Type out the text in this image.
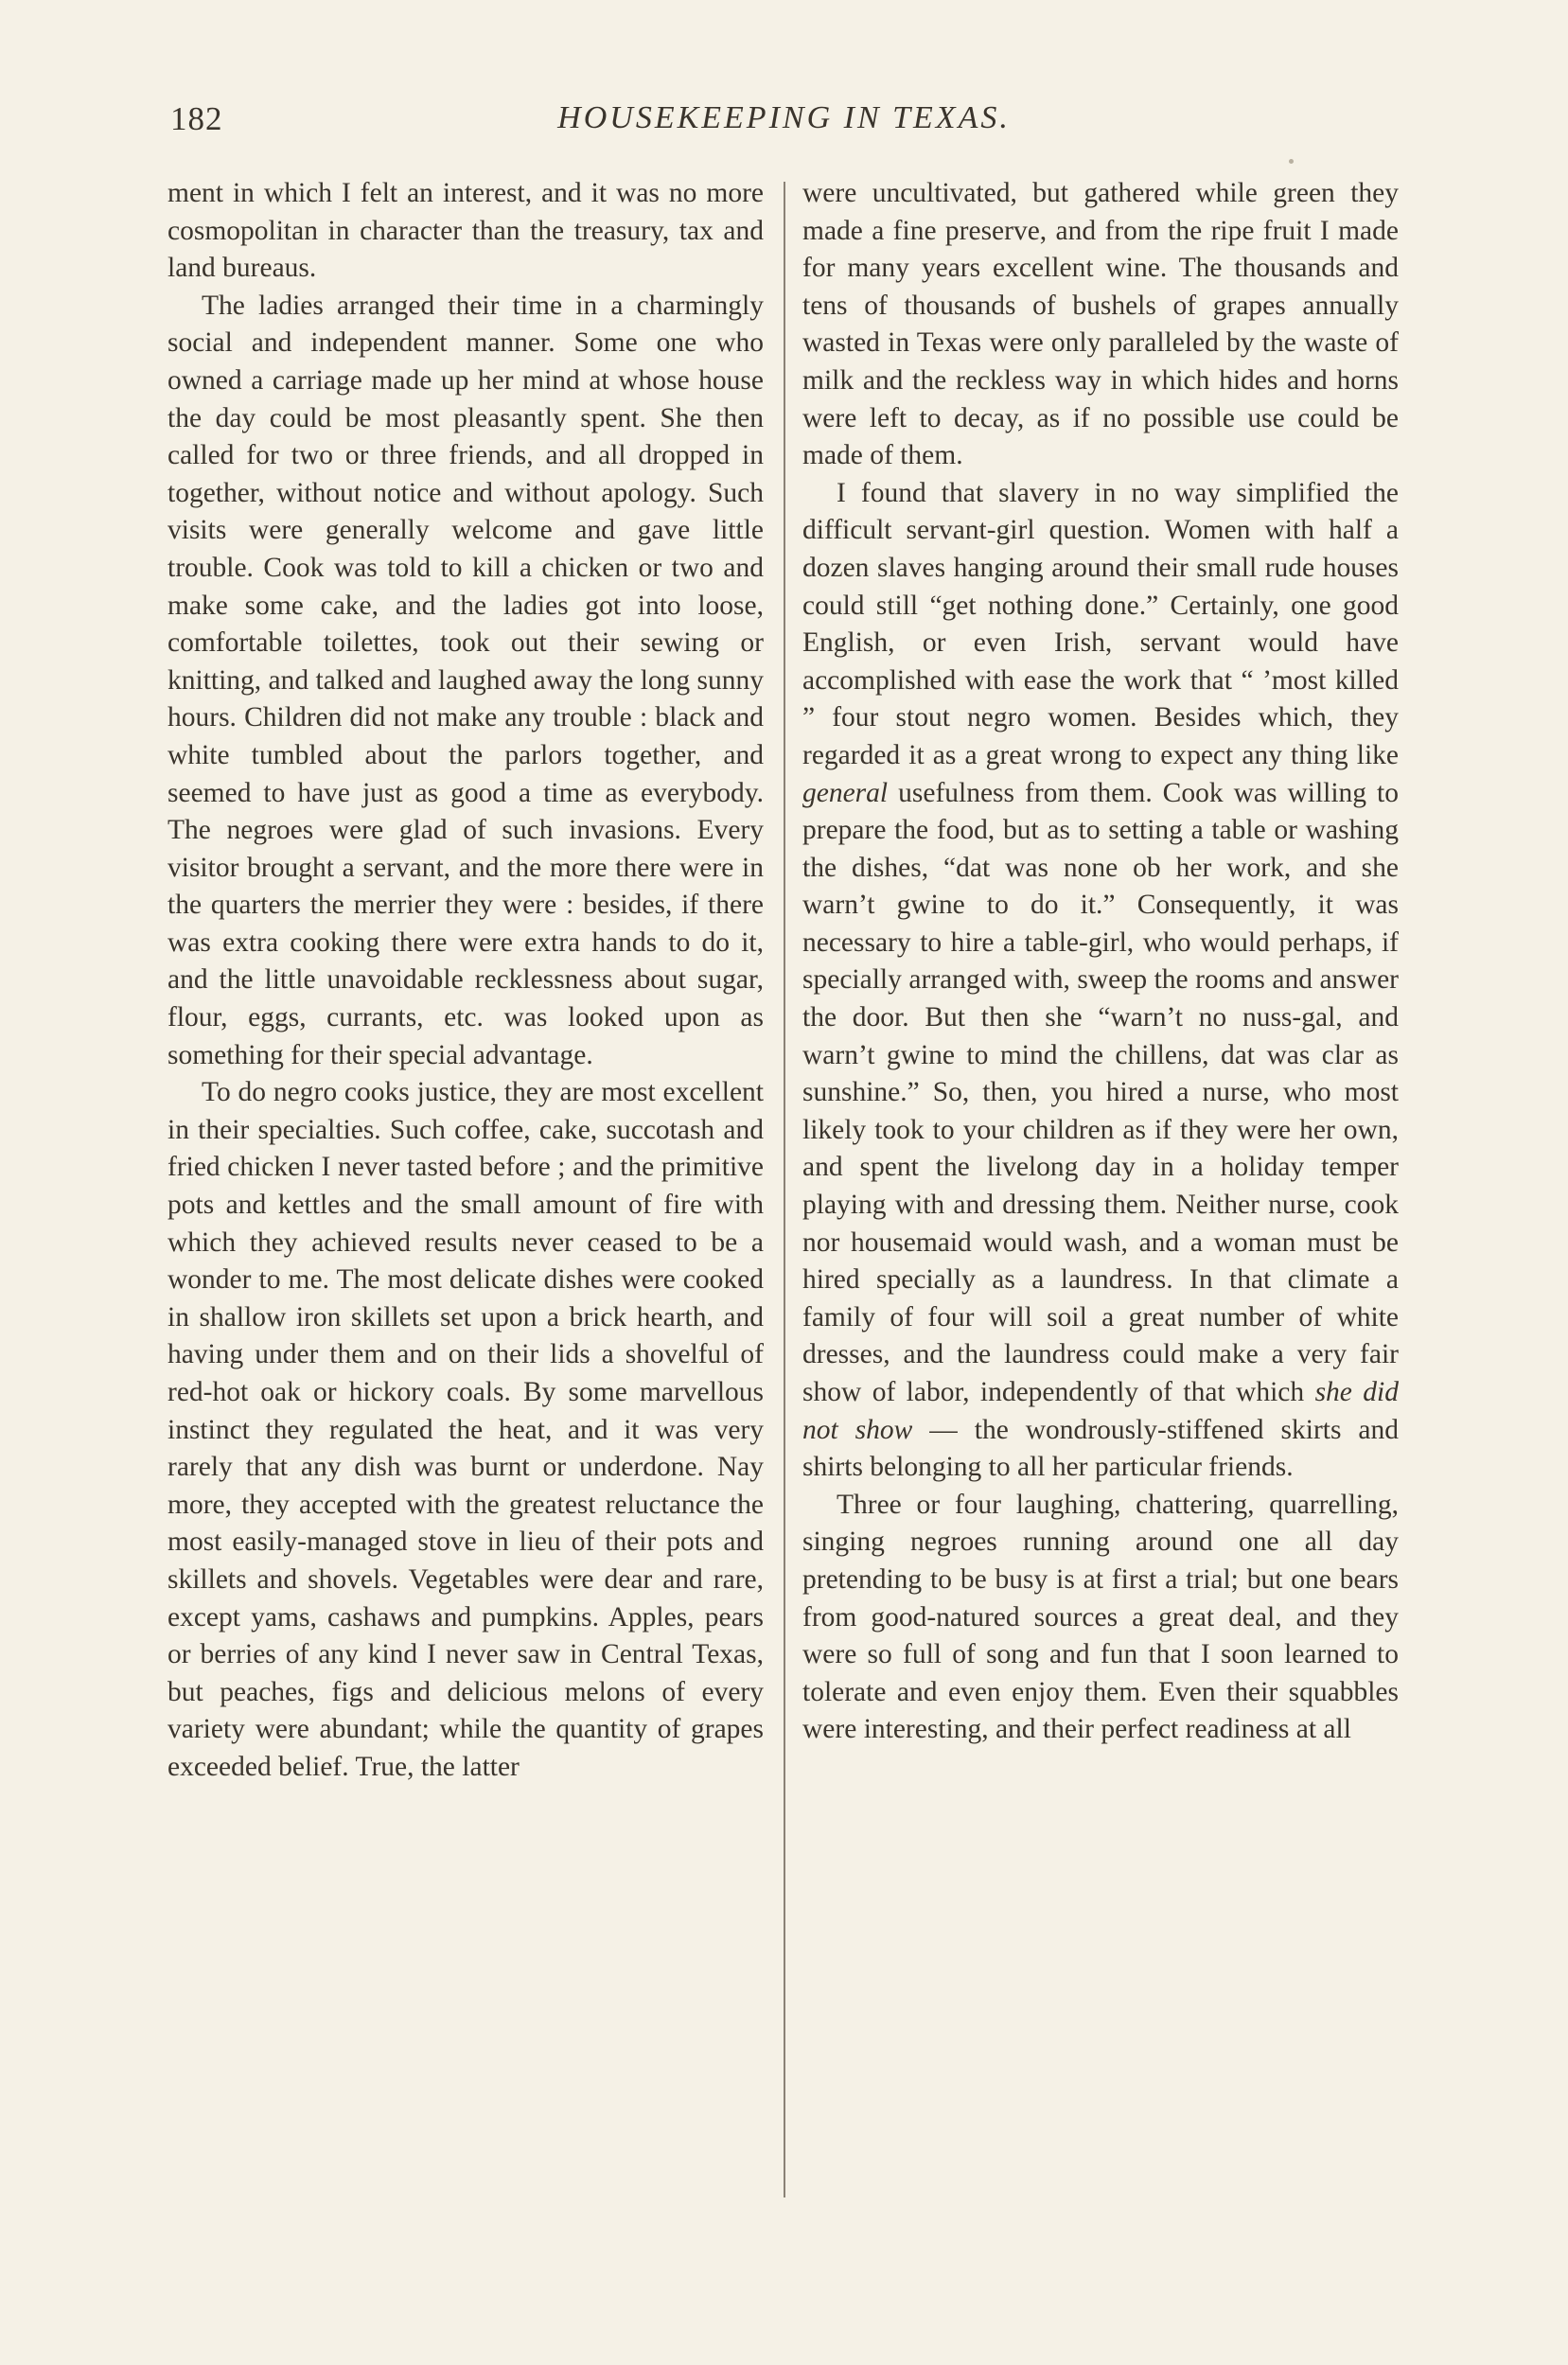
182	HOUSEKEEPING IN TEXAS.

ment in which I felt an interest, and it was no more cosmopolitan in character than the treasury, tax and land bureaus.

The ladies arranged their time in a charmingly social and independent manner. Some one who owned a carriage made up her mind at whose house the day could be most pleasantly spent. She then called for two or three friends, and all dropped in together, without notice and without apology. Such visits were generally welcome and gave little trouble. Cook was told to kill a chicken or two and make some cake, and the ladies got into loose, comfortable toilettes, took out their sewing or knitting, and talked and laughed away the long sunny hours. Children did not make any trouble : black and white tumbled about the parlors together, and seemed to have just as good a time as everybody. The negroes were glad of such invasions. Every visitor brought a servant, and the more there were in the quarters the merrier they were : besides, if there was extra cooking there were extra hands to do it, and the little unavoidable recklessness about sugar, flour, eggs, currants, etc. was looked upon as something for their special advantage.

To do negro cooks justice, they are most excellent in their specialties. Such coffee, cake, succotash and fried chicken I never tasted before ; and the primitive pots and kettles and the small amount of fire with which they achieved results never ceased to be a wonder to me. The most delicate dishes were cooked in shallow iron skillets set upon a brick hearth, and having under them and on their lids a shovelful of red-hot oak or hickory coals. By some marvellous instinct they regulated the heat, and it was very rarely that any dish was burnt or underdone. Nay more, they accepted with the greatest reluctance the most easily-managed stove in lieu of their pots and skillets and shovels. Vegetables were dear and rare, except yams, cashaws and pumpkins. Apples, pears or berries of any kind I never saw in Central Texas, but peaches, figs and delicious melons of every variety were abundant; while the quantity of grapes exceeded belief. True, the latter

were uncultivated, but gathered while green they made a fine preserve, and from the ripe fruit I made for many years excellent wine. The thousands and tens of thousands of bushels of grapes annually wasted in Texas were only paralleled by the waste of milk and the reckless way in which hides and horns were left to decay, as if no possible use could be made of them.

I found that slavery in no way simplified the difficult servant-girl question. Women with half a dozen slaves hanging around their small rude houses could still “get nothing done.” Certainly, one good English, or even Irish, servant would have accomplished with ease the work that “ ’most killed ” four stout negro women. Besides which, they regarded it as a great wrong to expect any thing like general usefulness from them. Cook was willing to prepare the food, but as to setting a table or washing the dishes, “dat was none ob her work, and she warn’t gwine to do it.” Consequently, it was necessary to hire a table-girl, who would perhaps, if specially arranged with, sweep the rooms and answer the door. But then she “warn’t no nuss-gal, and warn’t gwine to mind the chillens, dat was clar as sunshine.” So, then, you hired a nurse, who most likely took to your children as if they were her own, and spent the livelong day in a holiday temper playing with and dressing them. Neither nurse, cook nor housemaid would wash, and a woman must be hired specially as a laundress. In that climate a family of four will soil a great number of white dresses, and the laundress could make a very fair show of labor, independently of that which she did not show — the wondrously-stiffened skirts and shirts belonging to all her particular friends.

Three or four laughing, chattering, quarrelling, singing negroes running around one all day pretending to be busy is at first a trial; but one bears from good-natured sources a great deal, and they were so full of song and fun that I soon learned to tolerate and even enjoy them. Even their squabbles were interesting, and their perfect readiness at all
